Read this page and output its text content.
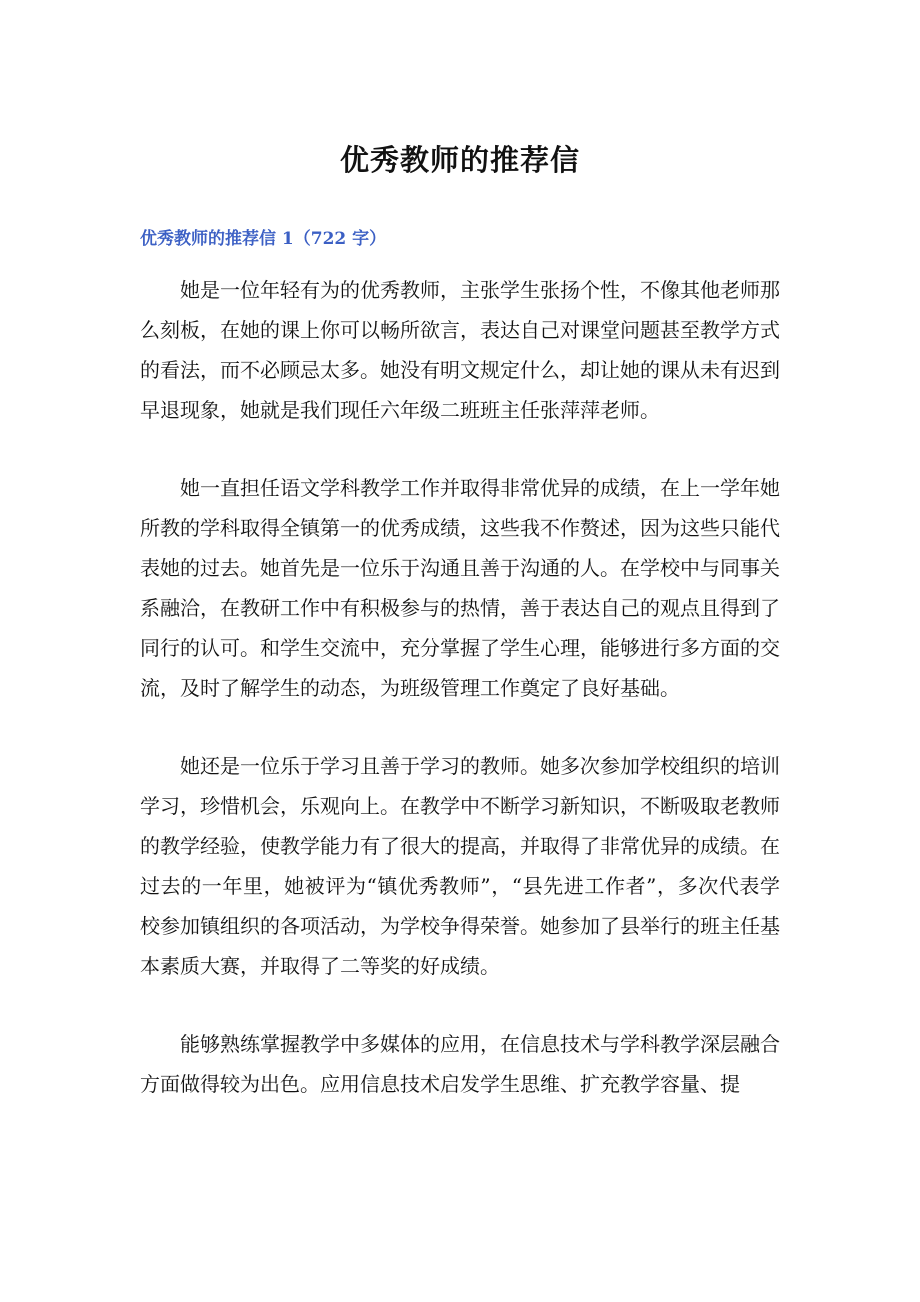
优秀教师的推荐信
优秀教师的推荐信 1（722 字）

她是一位年轻有为的优秀教师，主张学生张扬个性，不像其他老师那么刻板，在她的课上你可以畅所欲言，表达自己对课堂问题甚至教学方式的看法，而不必顾忌太多。她没有明文规定什么，却让她的课从未有迟到早退现象，她就是我们现任六年级二班班主任张萍萍老师。

她一直担任语文学科教学工作并取得非常优异的成绩，在上一学年她所教的学科取得全镇第一的优秀成绩，这些我不作赘述，因为这些只能代表她的过去。她首先是一位乐于沟通且善于沟通的人。在学校中与同事关系融洽，在教研工作中有积极参与的热情，善于表达自己的观点且得到了同行的认可。和学生交流中，充分掌握了学生心理，能够进行多方面的交流，及时了解学生的动态，为班级管理工作奠定了良好基础。

她还是一位乐于学习且善于学习的教师。她多次参加学校组织的培训学习，珍惜机会，乐观向上。在教学中不断学习新知识，不断吸取老教师的教学经验，使教学能力有了很大的提高，并取得了非常优异的成绩。在过去的一年里，她被评为“镇优秀教师”，“县先进工作者”，多次代表学校参加镇组织的各项活动，为学校争得荣誉。她参加了县举行的班主任基本素质大赛，并取得了二等奖的好成绩。

能够熟练掌握教学中多媒体的应用，在信息技术与学科教学深层融合方面做得较为出色。应用信息技术启发学生思维、扩充教学容量、提
